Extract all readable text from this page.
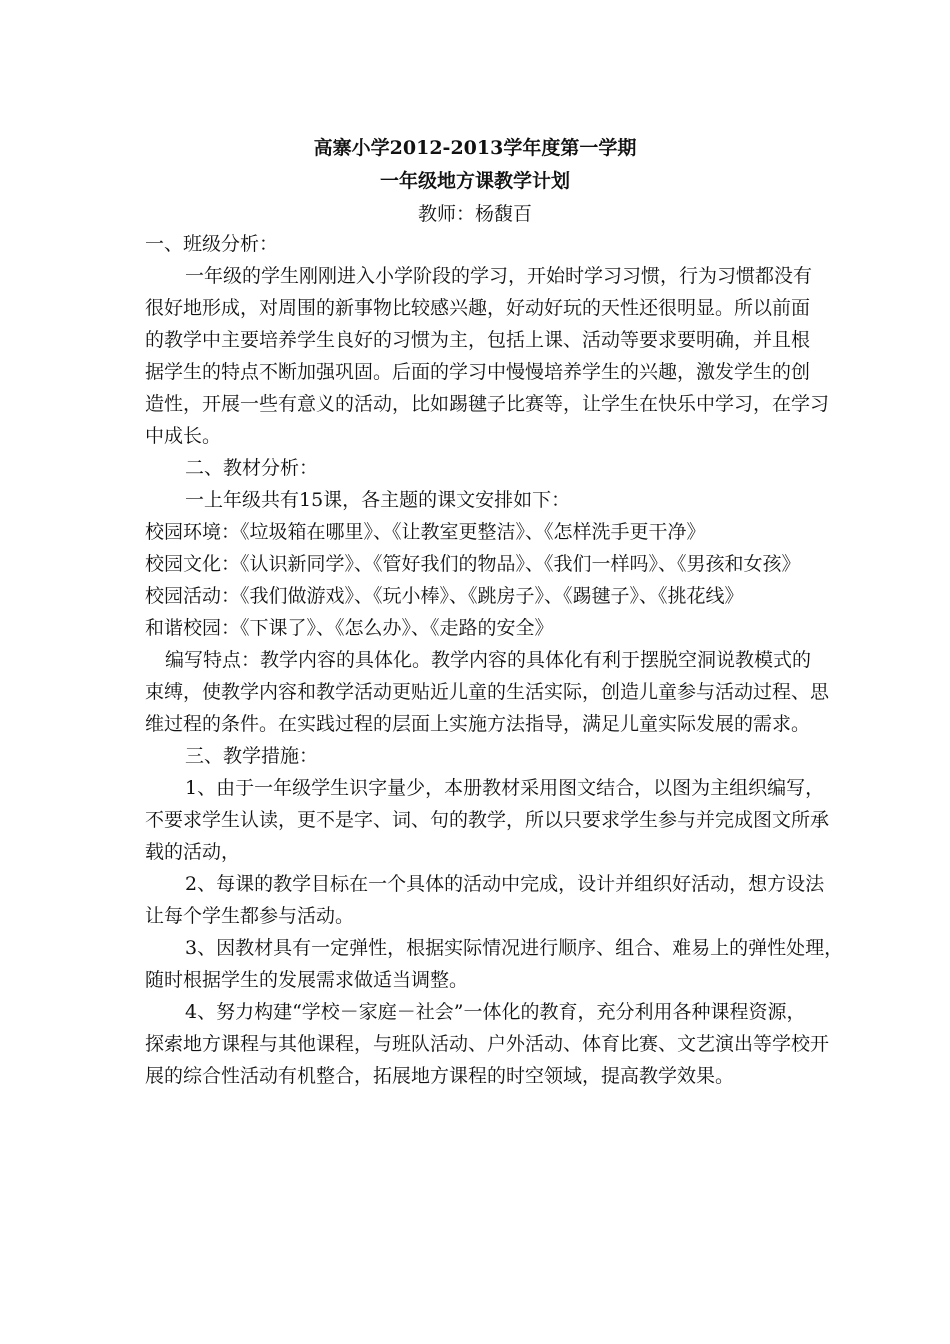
高寨小学2012-2013学年度第一学期
一年级地方课教学计划
教师：杨馥百
一、班级分析：
一年级的学生刚刚进入小学阶段的学习，开始时学习习惯，行为习惯都没有
很好地形成，对周围的新事物比较感兴趣，好动好玩的天性还很明显。所以前面
的教学中主要培养学生良好的习惯为主，包括上课、活动等要求要明确，并且根
据学生的特点不断加强巩固。后面的学习中慢慢培养学生的兴趣，激发学生的创
造性，开展一些有意义的活动，比如踢毽子比赛等，让学生在快乐中学习，在学习
中成长。
二、教材分析：
一上年级共有15课，各主题的课文安排如下：
校园环境：《垃圾箱在哪里》、《让教室更整洁》、《怎样洗手更干净》
校园文化：《认识新同学》、《管好我们的物品》、《我们一样吗》、《男孩和女孩》
校园活动：《我们做游戏》、《玩小棒》、《跳房子》、《踢毽子》、《挑花线》
和谐校园：《下课了》、《怎么办》、《走路的安全》
编写特点：教学内容的具体化。教学内容的具体化有利于摆脱空洞说教模式的
束缚，使教学内容和教学活动更贴近儿童的生活实际，创造儿童参与活动过程、思
维过程的条件。在实践过程的层面上实施方法指导，满足儿童实际发展的需求。
三、教学措施：
1、由于一年级学生识字量少，本册教材采用图文结合，以图为主组织编写，
不要求学生认读，更不是字、词、句的教学，所以只要求学生参与并完成图文所承
载的活动，
2、每课的教学目标在一个具体的活动中完成，设计并组织好活动，想方设法
让每个学生都参与活动。
3、因教材具有一定弹性，根据实际情况进行顺序、组合、难易上的弹性处理，
随时根据学生的发展需求做适当调整。
4、努力构建“学校－家庭－社会”一体化的教育，充分利用各种课程资源，
探索地方课程与其他课程，与班队活动、户外活动、体育比赛、文艺演出等学校开
展的综合性活动有机整合，拓展地方课程的时空领域，提高教学效果。
